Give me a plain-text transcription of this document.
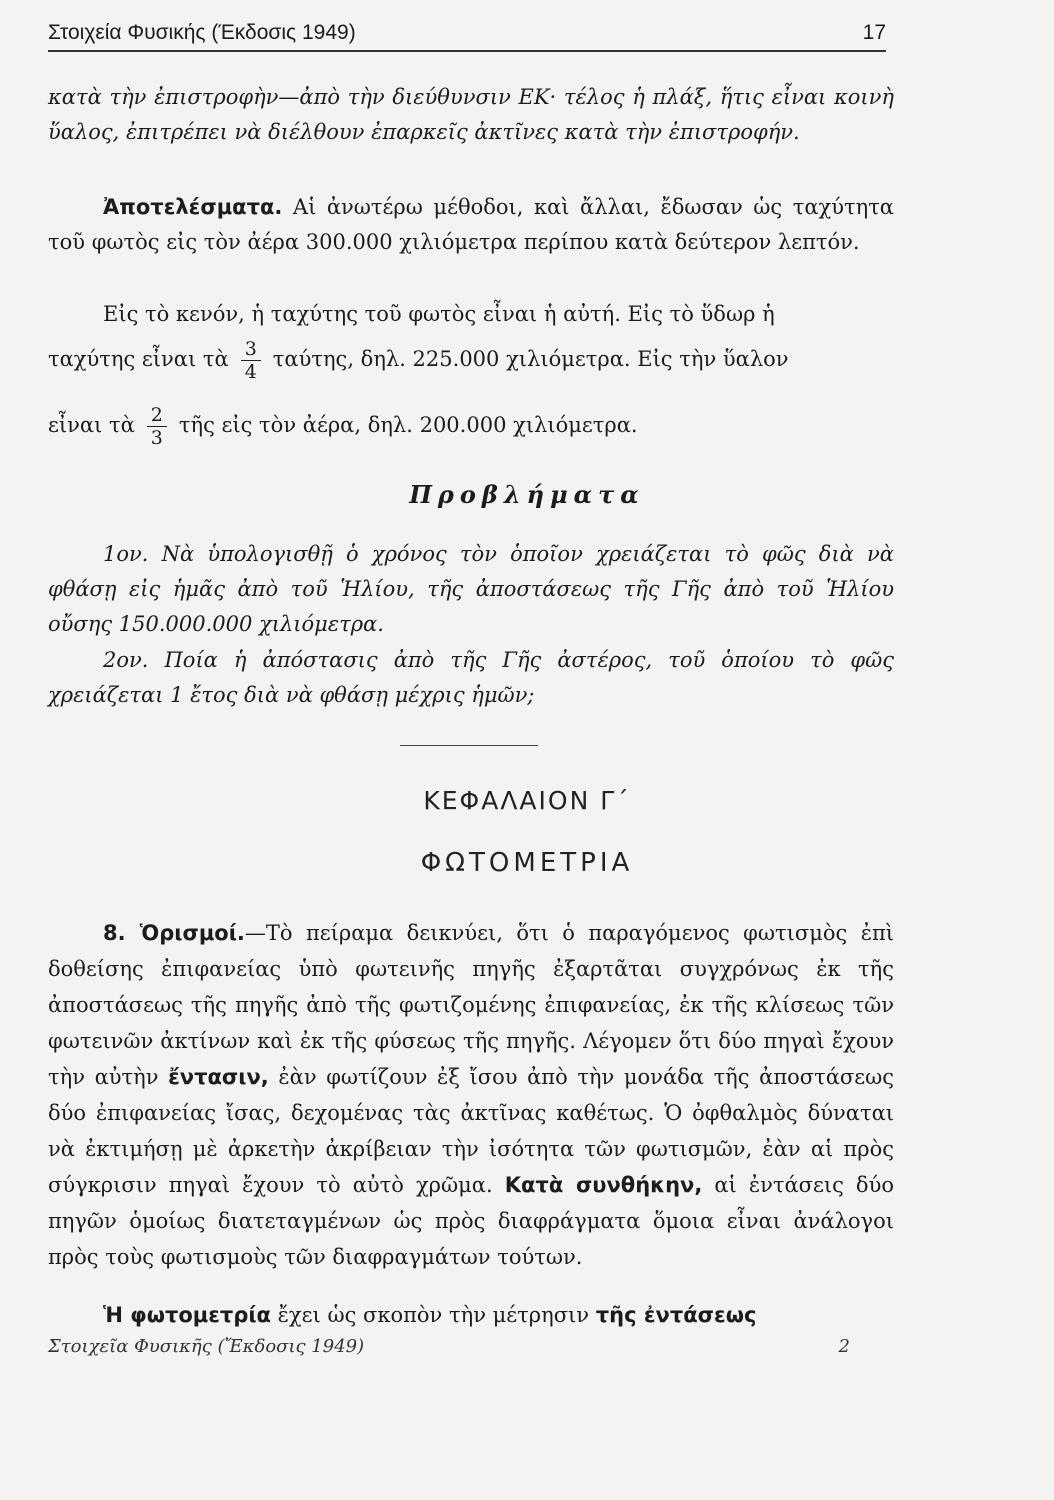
Στοιχεία Φυσικής (Έκδοσις 1949)	17
κατὰ τὴν ἐπιστροφὴν—ἀπὸ τὴν διεύθυνσιν ΕΚ· τέλος ἡ πλάξ, ἥτις εἶναι κοινὴ ὕαλος, ἐπιτρέπει νὰ διέλθουν ἐπαρκεῖς ἀκτῖνες κατὰ τὴν ἐπιστροφήν.
Ἀποτελέσματα. Αἱ ἀνωτέρω μέθοδοι, καὶ ἄλλαι, ἔδωσαν ὡς ταχύτητα τοῦ φωτὸς εἰς τὸν ἀέρα 300.000 χιλιόμετρα περίπου κατὰ δεύτερον λεπτόν.
Εἰς τὸ κενόν, ἡ ταχύτης τοῦ φωτὸς εἶναι ἡ αὐτή. Εἰς τὸ ὕδωρ ἡ
ταχύτης εἶναι τὰ $\frac{3}{4} \tau\alpha ύ\tau\eta\varsigma$, δηλ. 225.000 χιλιόμετρα. Εἰς τὴν ὕαλον
εἶναι τὰ $\frac{2}{3}$ τῆς εἰς τὸν ἀέρα, δηλ. 200.000 χιλιόμετρα.
Προβλήματα
1ον. Νὰ ὑπολογισθῇ ὁ χρόνος τὸν ὁποῖον χρειάζεται τὸ φῶς διὰ νὰ φθάσῃ εἰς ἡμᾶς ἀπὸ τοῦ Ἡλίου, τῆς ἀποστάσεως τῆς Γῆς ἀπὸ τοῦ Ἡλίου οὔσης 150.000.000 χιλιόμετρα.
2ον. Ποία ἡ ἀπόστασις ἀπὸ τῆς Γῆς ἀστέρος, τοῦ ὁποίου τὸ φῶς χρειάζεται 1 ἔτος διὰ νὰ φθάσῃ μέχρις ἡμῶν;
ΚΕΦΑΛΑΙΟΝ Γ΄
ΦΩΤΟΜΕΤΡΙΑ
8. Ὁρισμοί.—Τὸ πείραμα δεικνύει, ὅτι ὁ παραγόμενος φωτισμὸς ἐπὶ δοθείσης ἐπιφανείας ὑπὸ φωτεινῆς πηγῆς ἐξαρτᾶται συγχρόνως ἐκ τῆς ἀποστάσεως τῆς πηγῆς ἀπὸ τῆς φωτιζομένης ἐπιφανείας, ἐκ τῆς κλίσεως τῶν φωτεινῶν ἀκτίνων καὶ ἐκ τῆς φύσεως τῆς πηγῆς. Λέγομεν ὅτι δύο πηγαὶ ἔχουν τὴν αὐτὴν ἔντασιν, ἐὰν φωτίζουν ἐξ ἴσου ἀπὸ τὴν μονάδα τῆς ἀποστάσεως δύο ἐπιφανείας ἴσας, δεχομένας τὰς ἀκτῖνας καθέτως. Ὁ ὀφθαλμὸς δύναται νὰ ἐκτιμήσῃ μὲ ἀρκετὴν ἀκρίβειαν τὴν ἰσότητα τῶν φωτισμῶν, ἐὰν αἱ πρὸς σύγκρισιν πηγαὶ ἔχουν τὸ αὐτὸ χρῶμα. Κατὰ συνθήκην, αἱ ἐντάσεις δύο πηγῶν ὁμοίως διατεταγμένων ὡς πρὸς διαφράγματα ὅμοια εἶναι ἀνάλογοι πρὸς τοὺς φωτισμοὺς τῶν διαφραγμάτων τούτων.
Ἡ φωτομετρία ἔχει ὡς σκοπὸν τὴν μέτρησιν τῆς ἐντάσεως
Στοιχεῖα Φυσικῆς (Ἔκδοσις 1949)	2
